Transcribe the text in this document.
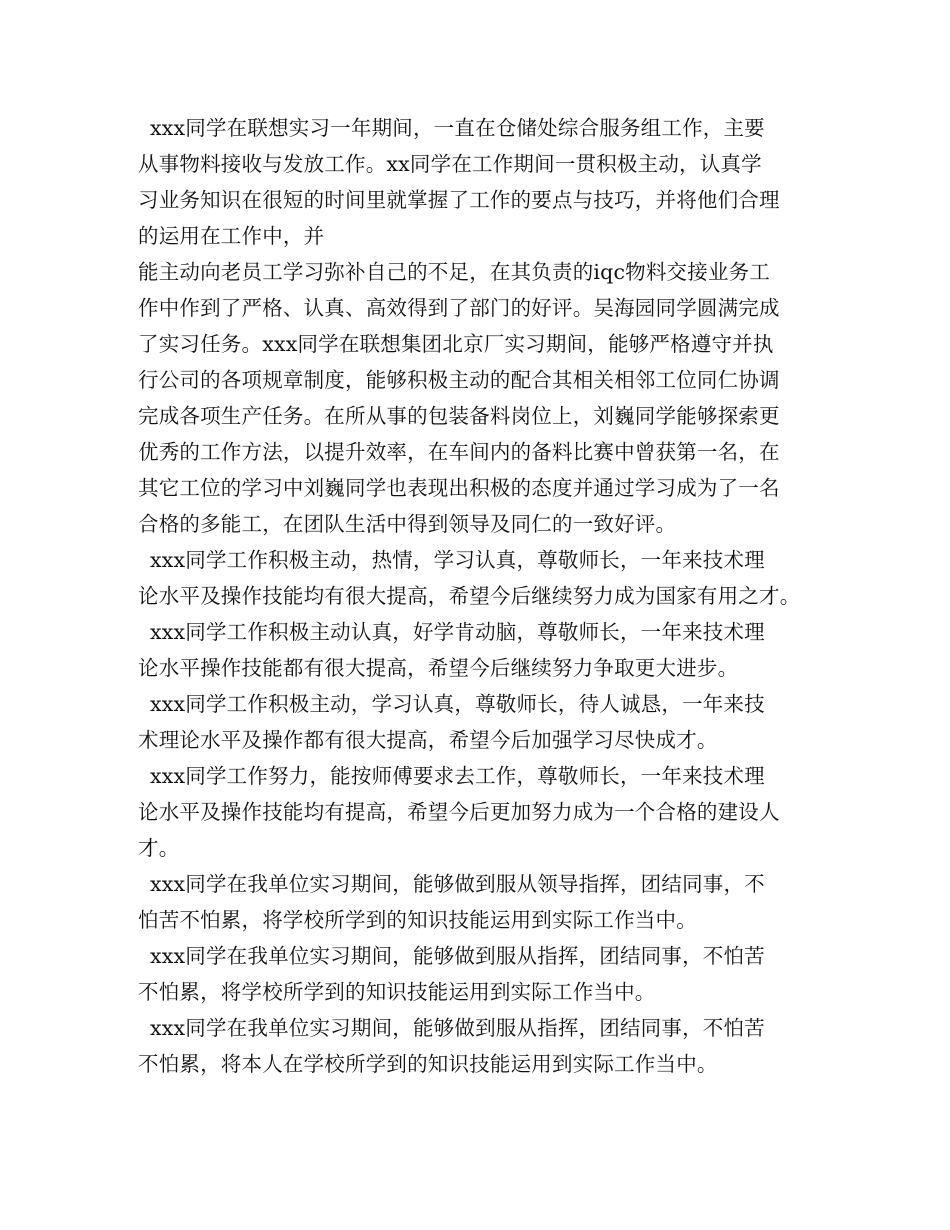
xxx同学在联想实习一年期间，一直在仓储处综合服务组工作，主要
从事物料接收与发放工作。xx同学在工作期间一贯积极主动，认真学
习业务知识在很短的时间里就掌握了工作的要点与技巧，并将他们合理
的运用在工作中，并
能主动向老员工学习弥补自己的不足，在其负责的iqc物料交接业务工
作中作到了严格、认真、高效得到了部门的好评。吴海园同学圆满完成
了实习任务。xxx同学在联想集团北京厂实习期间，能够严格遵守并执
行公司的各项规章制度，能够积极主动的配合其相关相邻工位同仁协调
完成各项生产任务。在所从事的包装备料岗位上，刘巍同学能够探索更
优秀的工作方法，以提升效率，在车间内的备料比赛中曾获第一名，在
其它工位的学习中刘巍同学也表现出积极的态度并通过学习成为了一名
合格的多能工，在团队生活中得到领导及同仁的一致好评。
xxx同学工作积极主动，热情，学习认真，尊敬师长，一年来技术理
论水平及操作技能均有很大提高，希望今后继续努力成为国家有用之才。
xxx同学工作积极主动认真，好学肯动脑，尊敬师长，一年来技术理
论水平操作技能都有很大提高，希望今后继续努力争取更大进步。
xxx同学工作积极主动，学习认真，尊敬师长，待人诚恳，一年来技
术理论水平及操作都有很大提高，希望今后加强学习尽快成才。
xxx同学工作努力，能按师傅要求去工作，尊敬师长，一年来技术理
论水平及操作技能均有提高，希望今后更加努力成为一个合格的建设人
才。
xxx同学在我单位实习期间，能够做到服从领导指挥，团结同事，不
怕苦不怕累，将学校所学到的知识技能运用到实际工作当中。
xxx同学在我单位实习期间，能够做到服从指挥，团结同事，不怕苦
不怕累，将学校所学到的知识技能运用到实际工作当中。
xxx同学在我单位实习期间，能够做到服从指挥，团结同事，不怕苦
不怕累，将本人在学校所学到的知识技能运用到实际工作当中。
